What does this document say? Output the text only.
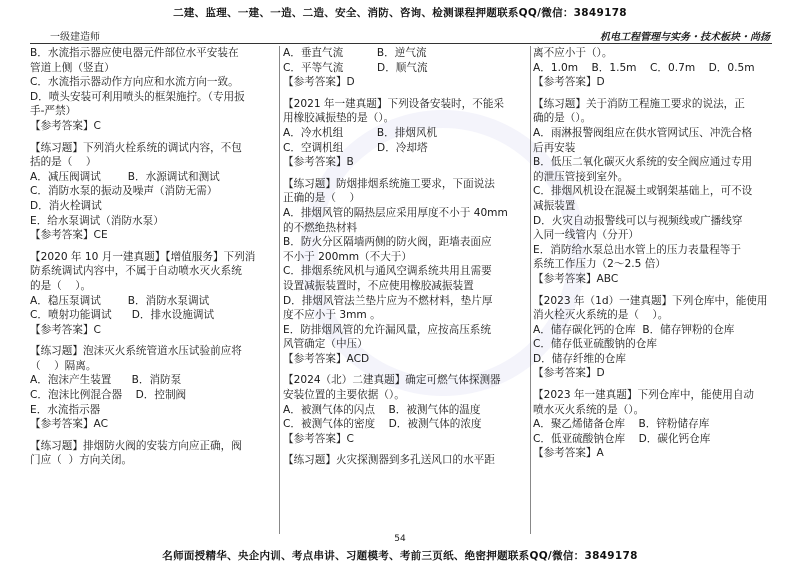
二建、监理、一建、一造、二造、安全、消防、咨询、检测课程押题联系QQ/微信：3849178
一级建造师	机电工程管理与实务・技术板块・尚扬
B．水流指示器应使电器元件部位水平安装在
管道上侧（竖直）
C．水流指示器动作方向应和水流方向一致。
D．喷头安装可利用喷头的框架施拧。（专用扳
手-严禁）
【参考答案】C
【练习题】下列消火栓系统的调试内容，不包
括的是（    ）
A．减压阀调试        B．水源调试和测试
C．消防水泵的振动及噪声（消防无需）
D．消火栓调试
E．给水泵调试（消防水泵）
【参考答案】CE
【2020 年 10 月一建真题】【增值服务】下列消
防系统调试内容中，不属于自动喷水灭火系统
的是（    ）。
A．稳压泵调试        B．消防水泵调试
C．喷射功能调试      D．排水设施调试
【参考答案】C
【练习题】泡沫灭火系统管道水压试验前应将
（    ）隔离。
A．泡沫产生装置      B．消防泵
C．泡沫比例混合器    D．控制阀
E．水流指示器
【参考答案】AC
【练习题】排烟防火阀的安装方向应正确，阀
门应（  ）方向关闭。
A．垂直气流          B．逆气流
C．平等气流          D．顺气流
【参考答案】D
【2021 年一建真题】下列设备安装时，不能采
用橡胶减振垫的是（）。
A．冷水机组          B．排烟风机
C．空调机组          D．冷却塔
【参考答案】B
【练习题】防烟排烟系统施工要求，下面说法
正确的是（    ）
A．排烟风管的隔热层应采用厚度不小于 40mm
的不燃绝热材料
B．防火分区隔墙两侧的防火阀，距墙表面应
不小于 200mm（不大于）
C．排烟系统风机与通风空调系统共用且需要
设置减振装置时，不应使用橡胶减振装置
D．排烟风管法兰垫片应为不燃材料，垫片厚
度不应小于 3mm 。
E．防排烟风管的允许漏风量，应按高压系统
风管确定（中压）
【参考答案】ACD
【2024（北）二建真题】确定可燃气体探测器
安装位置的主要依据（）。
A．被测气体的闪点    B．被测气体的温度
C．被测气体的密度    D．被测气体的浓度
【参考答案】C
【练习题】火灾探测器到多孔送风口的水平距
离不应小于（）。
A．1.0m    B．1.5m    C．0.7m    D．0.5m
【参考答案】D
【练习题】关于消防工程施工要求的说法，正
确的是（）。
A．雨淋报警阀组应在供水管网试压、冲洗合格
后再安装
B．低压二氧化碳灭火系统的安全阀应通过专用
的泄压管接到室外。
C．排烟风机设在混凝土或钢架基础上，可不设
减振装置
D．火灾自动报警线可以与视频线或广播线穿
入同一线管内（分开）
E．消防给水泵总出水管上的压力表量程等于
系统工作压力（2～2.5 倍）
【参考答案】ABC
【2023 年（1d）一建真题】下列仓库中，能使用
消火栓灭火系统的是（    ）。
A．储存碳化钙的仓库  B．储存钾粉的仓库
C．储存低亚硫酸钠的仓库
D．储存纤维的仓库
【参考答案】D
【2023 年一建真题】下列仓库中，能使用自动
喷水灭火系统的是（）。
A．聚乙烯储备仓库    B．锌粉储存库
C．低亚硫酸钠仓库    D．碳化钙仓库
【参考答案】A
54
名师面授精华、央企内训、考点串讲、习题模考、考前三页纸、绝密押题联系QQ/微信：3849178
